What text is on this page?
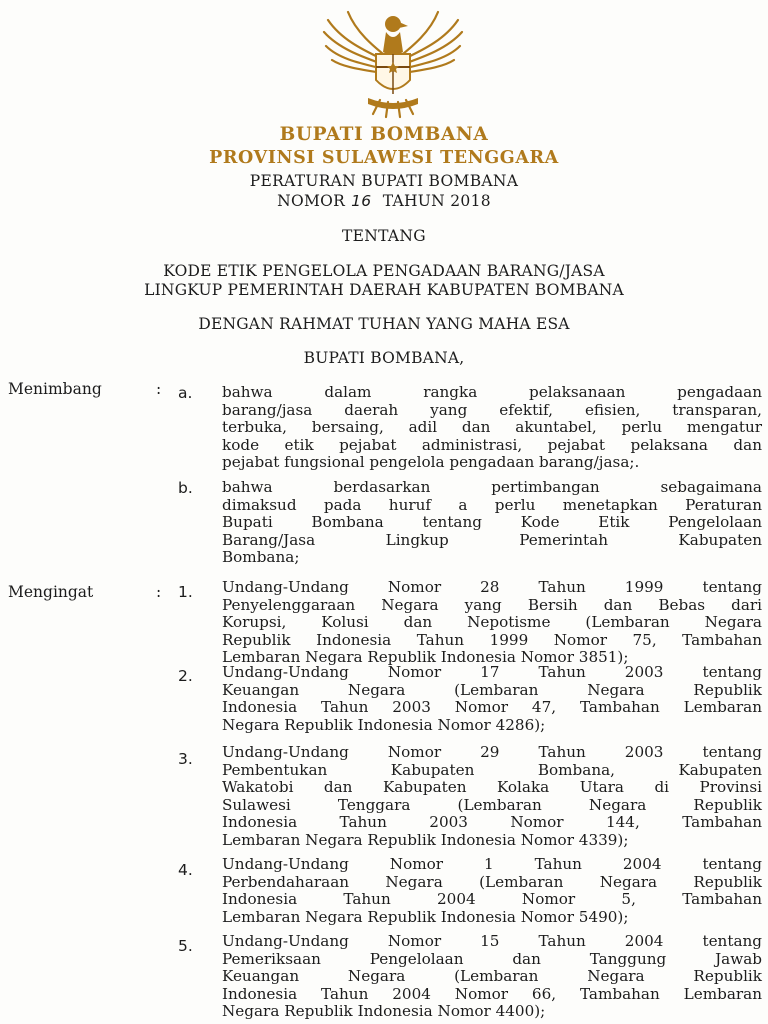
BUPATI BOMBANA
PROVINSI SULAWESI TENGGARA
PERATURAN BUPATI BOMBANA
NOMOR 16 TAHUN 2018
TENTANG
KODE ETIK PENGELOLA PENGADAAN BARANG/JASA
LINGKUP PEMERINTAH DAERAH KABUPATEN BOMBANA
DENGAN RAHMAT TUHAN YANG MAHA ESA
BUPATI BOMBANA,
Menimbang	: a. bahwa dalam rangka pelaksanaan pengadaan
barang/jasa daerah yang efektif, efisien, transparan,
terbuka, bersaing, adil dan akuntabel, perlu mengatur
kode etik pejabat administrasi, pejabat pelaksana dan
pejabat fungsional pengelola pengadaan barang/jasa;.
b. bahwa berdasarkan pertimbangan sebagaimana
dimaksud pada huruf a perlu menetapkan Peraturan
Bupati Bombana tentang Kode Etik Pengelolaan
Barang/Jasa Lingkup Pemerintah Kabupaten
Bombana;
Mengingat	: 1. Undang-Undang Nomor 28 Tahun 1999 tentang
Penyelenggaraan Negara yang Bersih dan Bebas dari
Korupsi, Kolusi dan Nepotisme (Lembaran Negara
Republik Indonesia Tahun 1999 Nomor 75, Tambahan
Lembaran Negara Republik Indonesia Nomor 3851);
2. Undang-Undang Nomor 17 Tahun 2003 tentang
Keuangan Negara (Lembaran Negara Republik
Indonesia Tahun 2003 Nomor 47, Tambahan Lembaran
Negara Republik Indonesia Nomor 4286);
3. Undang-Undang Nomor 29 Tahun 2003 tentang
Pembentukan Kabupaten Bombana, Kabupaten
Wakatobi dan Kabupaten Kolaka Utara di Provinsi
Sulawesi Tenggara (Lembaran Negara Republik
Indonesia Tahun 2003 Nomor 144, Tambahan
Lembaran Negara Republik Indonesia Nomor 4339);
4. Undang-Undang Nomor 1 Tahun 2004 tentang
Perbendaharaan Negara (Lembaran Negara Republik
Indonesia Tahun 2004 Nomor 5, Tambahan
Lembaran Negara Republik Indonesia Nomor 5490);
5. Undang-Undang Nomor 15 Tahun 2004 tentang
Pemeriksaan Pengelolaan dan Tanggung Jawab
Keuangan Negara (Lembaran Negara Republik
Indonesia Tahun 2004 Nomor 66, Tambahan Lembaran
Negara Republik Indonesia Nomor 4400);
